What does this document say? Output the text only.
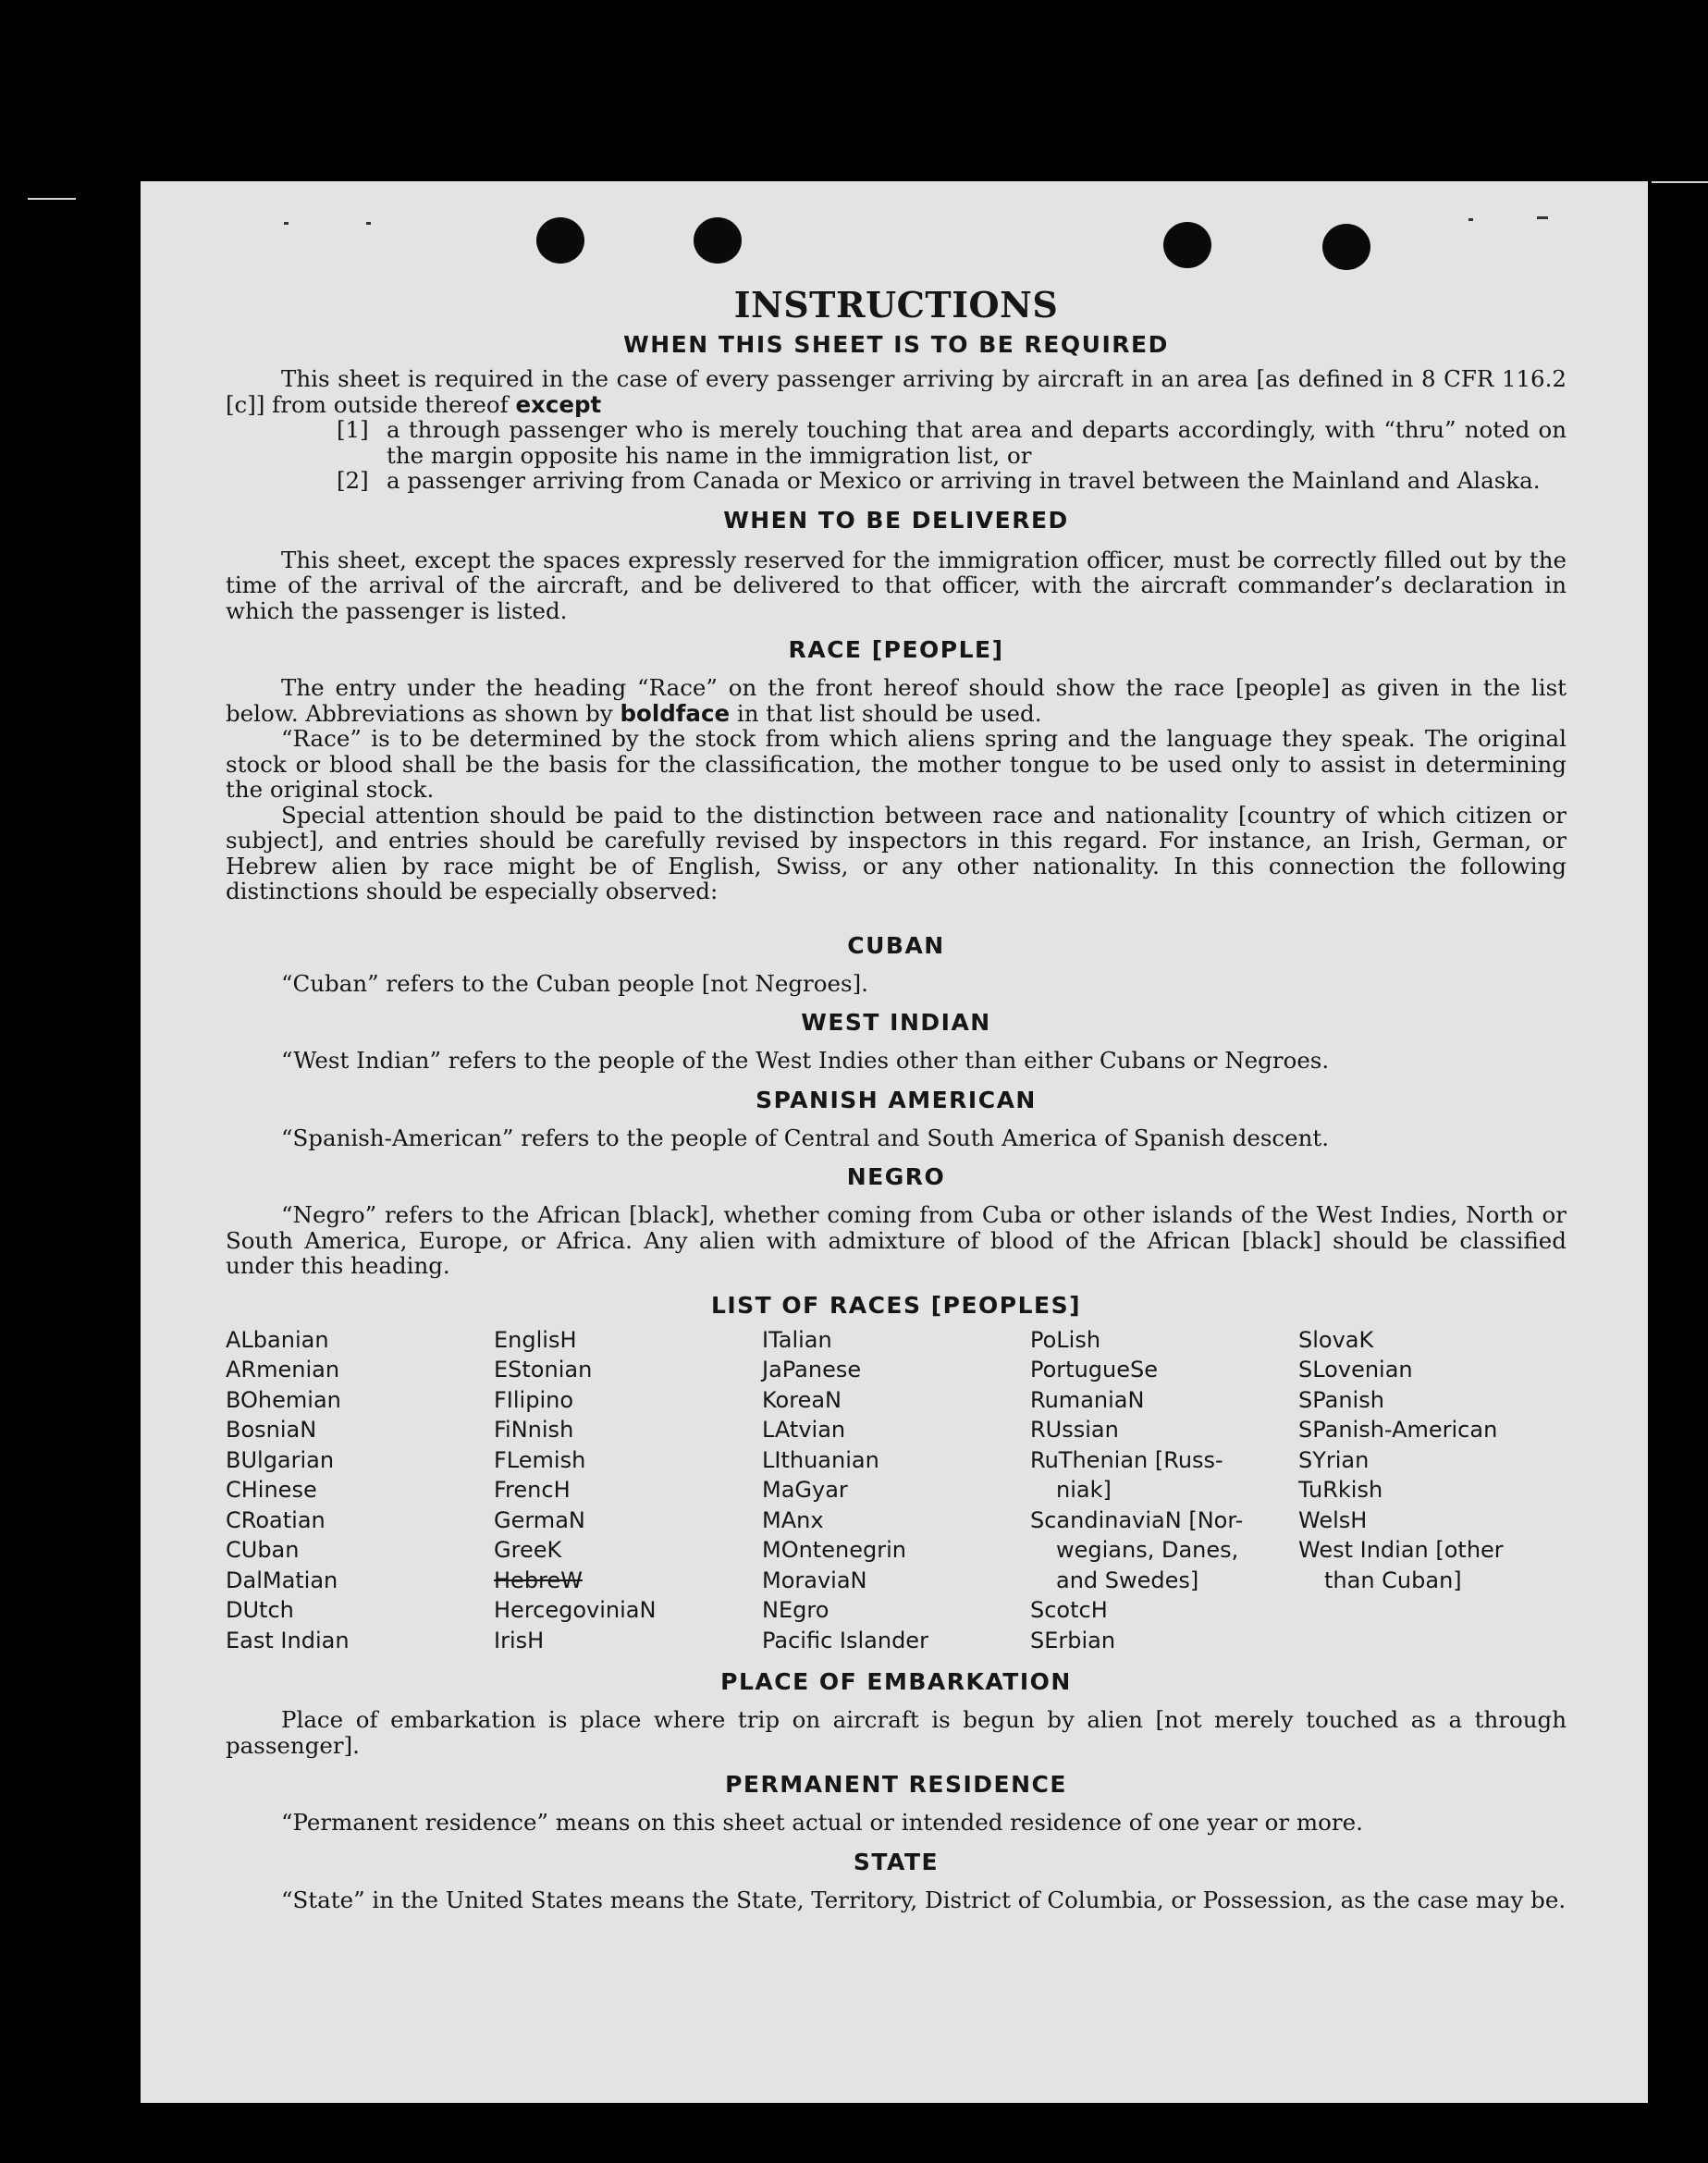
INSTRUCTIONS
WHEN THIS SHEET IS TO BE REQUIRED

This sheet is required in the case of every passenger arriving by aircraft in an area [as defined in 8 CFR 116.2 [c]] from outside thereof except

[1] a through passenger who is merely touching that area and departs accordingly, with “thru” noted on the margin opposite his name in the immigration list, or
[2] a passenger arriving from Canada or Mexico or arriving in travel between the Mainland and Alaska.
WHEN TO BE DELIVERED

This sheet, except the spaces expressly reserved for the immigration officer, must be correctly filled out by the time of the arrival of the aircraft, and be delivered to that officer, with the aircraft commander’s declaration in which the passenger is listed.

RACE [PEOPLE]

The entry under the heading “Race” on the front hereof should show the race [people] as given in the list below. Abbreviations as shown by boldface in that list should be used.

“Race” is to be determined by the stock from which aliens spring and the language they speak. The original stock or blood shall be the basis for the classification, the mother tongue to be used only to assist in determining the original stock.

Special attention should be paid to the distinction between race and nationality [country of which citizen or subject], and entries should be carefully revised by inspectors in this regard. For instance, an Irish, German, or Hebrew alien by race might be of English, Swiss, or any other nationality. In this connection the following distinctions should be especially observed:

CUBAN

“Cuban” refers to the Cuban people [not Negroes].

WEST INDIAN

“West Indian” refers to the people of the West Indies other than either Cubans or Negroes.

SPANISH AMERICAN

“Spanish-American” refers to the people of Central and South America of Spanish descent.

NEGRO

“Negro” refers to the African [black], whether coming from Cuba or other islands of the West Indies, North or South America, Europe, or Africa. Any alien with admixture of blood of the African [black] should be classified under this heading.

LIST OF RACES [PEOPLES]
ALbanian
ARmenian
BOhemian
BosniaN
BUlgarian
CHinese
CRoatian
CUban
DalMatian
DUtch
East Indian
EnglisH
EStonian
FIlipino
FiNnish
FLemish
FrencH
GermaN
GreeK
HebreW
HercegoviniaN
IrisH
ITalian
JaPanese
KoreaN
LAtvian
LIthuanian
MaGyar
MAnx
MOntenegrin
MoraviaN
NEgro
Pacific Islander
PoLish
PortugueSe
RumaniaN
RUssian
RuThenian [Russ-
niak]
ScandinaviaN [Nor-
wegians, Danes,
and Swedes]
ScotcH
SErbian
SlovaK
SLovenian
SPanish
SPanish-American
SYrian
TuRkish
WelsH
West Indian [other
than Cuban]
PLACE OF EMBARKATION

Place of embarkation is place where trip on aircraft is begun by alien [not merely touched as a through passenger].

PERMANENT RESIDENCE

“Permanent residence” means on this sheet actual or intended residence of one year or more.

STATE

“State” in the United States means the State, Territory, District of Columbia, or Possession, as the case may be.
